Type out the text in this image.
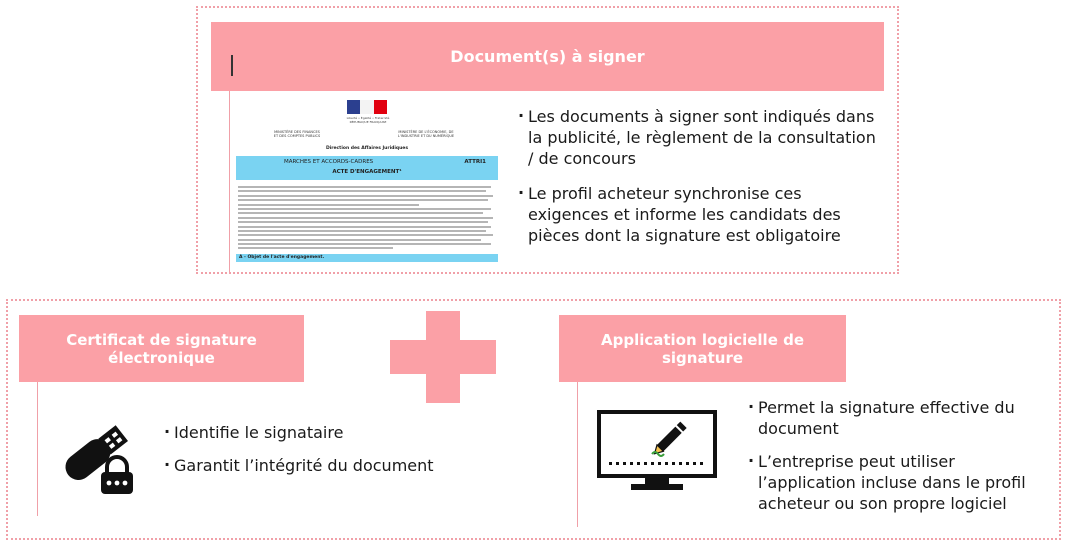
Document(s) à signer
Liberté • Égalité • Fraternité RÉPUBLIQUE FRANÇAISE
MINISTÈRE DES FINANCES ET DES COMPTES PUBLICS
MINISTÈRE DE L'ÉCONOMIE, DE L'INDUSTRIE ET DU NUMÉRIQUE
Direction des Affaires Juridiques
MARCHES ET ACCORDS-CADRES	ATTRI1
ACTE D'ENGAGEMENT¹
A - Objet de l'acte d'engagement.
· Les documents à signer sont indiqués dans la publicité, le règlement de la consultation / de concours
· Le profil acheteur synchronise ces exigences et informe les candidats des pièces dont la signature est obligatoire
Certificat de signature électronique
· Identifie le signataire
· Garantit l’intégrité du document
Application logicielle de signature
· Permet la signature effective du document
· L’entreprise peut utiliser l’application incluse dans le profil acheteur ou son propre logiciel
